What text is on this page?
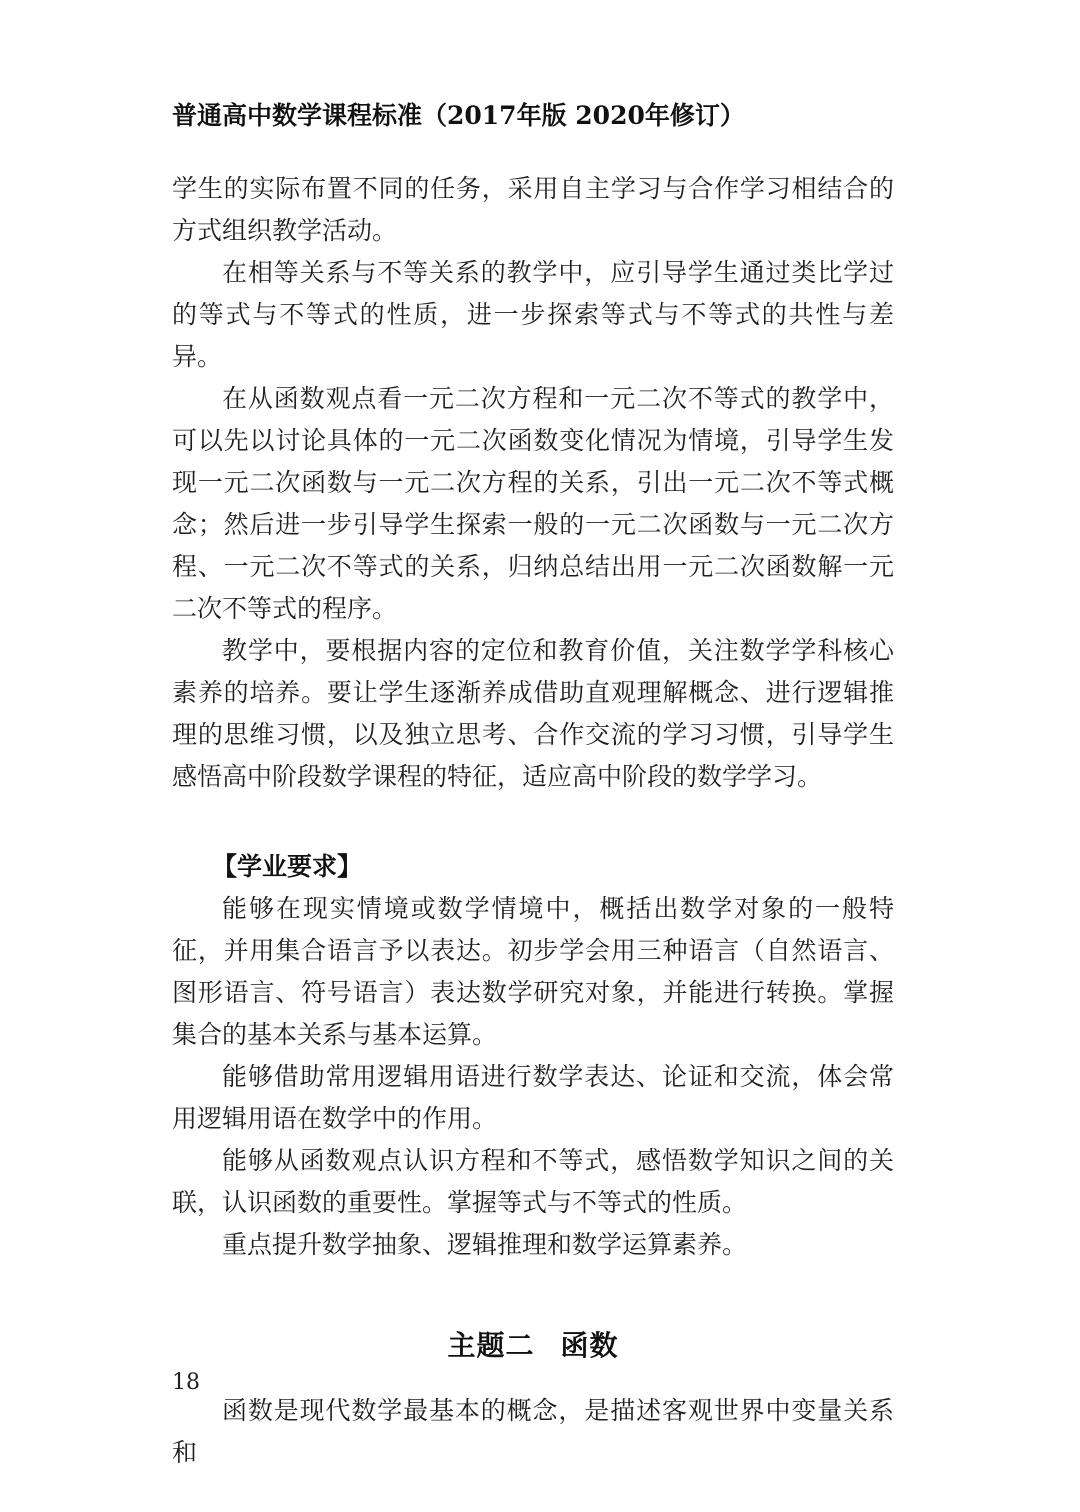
普通高中数学课程标准（2017年版 2020年修订）

学生的实际布置不同的任务，采用自主学习与合作学习相结合的方式组织教学活动。

在相等关系与不等关系的教学中，应引导学生通过类比学过的等式与不等式的性质，进一步探索等式与不等式的共性与差异。

在从函数观点看一元二次方程和一元二次不等式的教学中，可以先以讨论具体的一元二次函数变化情况为情境，引导学生发现一元二次函数与一元二次方程的关系，引出一元二次不等式概念；然后进一步引导学生探索一般的一元二次函数与一元二次方程、一元二次不等式的关系，归纳总结出用一元二次函数解一元二次不等式的程序。

教学中，要根据内容的定位和教育价值，关注数学学科核心素养的培养。要让学生逐渐养成借助直观理解概念、进行逻辑推理的思维习惯，以及独立思考、合作交流的学习习惯，引导学生感悟高中阶段数学课程的特征，适应高中阶段的数学学习。

【学业要求】

能够在现实情境或数学情境中，概括出数学对象的一般特征，并用集合语言予以表达。初步学会用三种语言（自然语言、图形语言、符号语言）表达数学研究对象，并能进行转换。掌握集合的基本关系与基本运算。

能够借助常用逻辑用语进行数学表达、论证和交流，体会常用逻辑用语在数学中的作用。

能够从函数观点认识方程和不等式，感悟数学知识之间的关联，认识函数的重要性。掌握等式与不等式的性质。

重点提升数学抽象、逻辑推理和数学运算素养。

主题二 函数

函数是现代数学最基本的概念，是描述客观世界中变量关系和

18
